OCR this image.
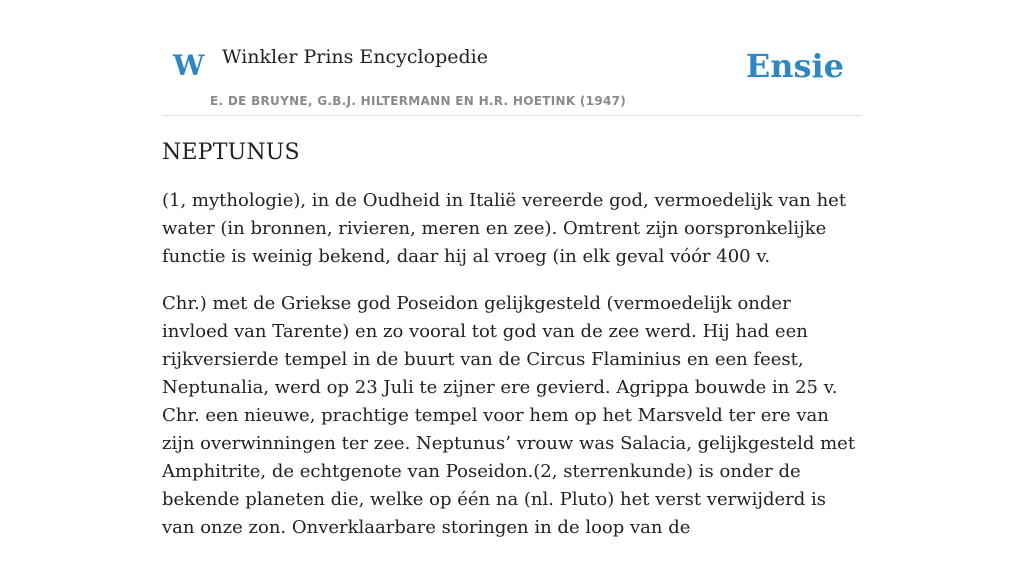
W Winkler Prins Encyclopedie
E. DE BRUYNE, G.B.J. HILTERMANN EN H.R. HOETINK (1947)
Ensie
NEPTUNUS

(1, mythologie), in de Oudheid in Italië vereerde god, vermoedelijk van het water (in bronnen, rivieren, meren en zee). Omtrent zijn oorspronkelijke functie is weinig bekend, daar hij al vroeg (in elk geval vóór 400 v.

Chr.) met de Griekse god Poseidon gelijkgesteld (vermoedelijk onder invloed van Tarente) en zo vooral tot god van de zee werd. Hij had een rijkversierde tempel in de buurt van de Circus Flaminius en een feest, Neptunalia, werd op 23 Juli te zijner ere gevierd. Agrippa bouwde in 25 v. Chr. een nieuwe, prachtige tempel voor hem op het Marsveld ter ere van zijn overwinningen ter zee. Neptunus’ vrouw was Salacia, gelijkgesteld met Amphitrite, de echtgenote van Poseidon.(2, sterrenkunde) is onder de bekende planeten die, welke op één na (nl. Pluto) het verst verwijderd is van onze zon. Onverklaarbare storingen in de loop van de
